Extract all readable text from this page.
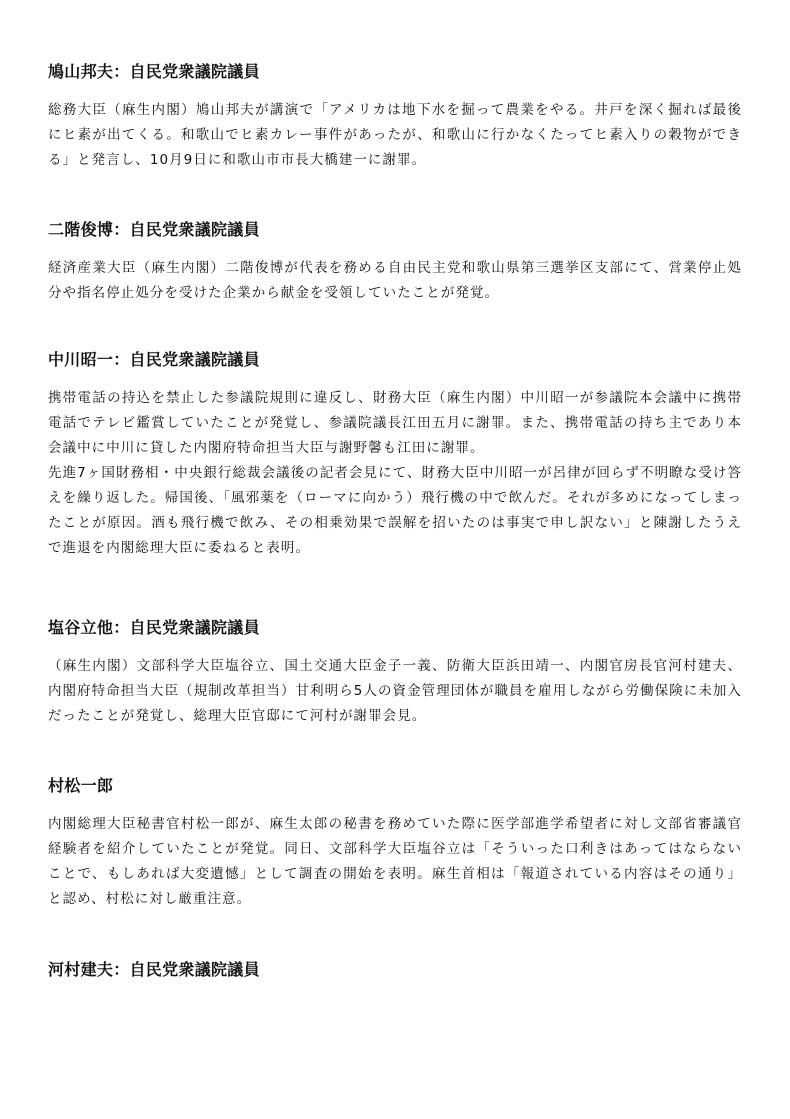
鳩山邦夫：自民党衆議院議員

総務大臣（麻生内閣）鳩山邦夫が講演で「アメリカは地下水を掘って農業をやる。井戸を深く掘れば最後にヒ素が出てくる。和歌山でヒ素カレー事件があったが、和歌山に行かなくたってヒ素入りの穀物ができる」と発言し、10月9日に和歌山市市長大橋建一に謝罪。

二階俊博：自民党衆議院議員

経済産業大臣（麻生内閣）二階俊博が代表を務める自由民主党和歌山県第三選挙区支部にて、営業停止処分や指名停止処分を受けた企業から献金を受領していたことが発覚。

中川昭一：自民党衆議院議員

携帯電話の持込を禁止した参議院規則に違反し、財務大臣（麻生内閣）中川昭一が参議院本会議中に携帯電話でテレビ鑑賞していたことが発覚し、参議院議長江田五月に謝罪。また、携帯電話の持ち主であり本会議中に中川に貸した内閣府特命担当大臣与謝野馨も江田に謝罪。

先進7ヶ国財務相・中央銀行総裁会議後の記者会見にて、財務大臣中川昭一が呂律が回らず不明瞭な受け答えを繰り返した。帰国後、「風邪薬を（ローマに向かう）飛行機の中で飲んだ。それが多めになってしまったことが原因。酒も飛行機で飲み、その相乗効果で誤解を招いたのは事実で申し訳ない」と陳謝したうえで進退を内閣総理大臣に委ねると表明。

塩谷立他：自民党衆議院議員

（麻生内閣）文部科学大臣塩谷立、国土交通大臣金子一義、防衛大臣浜田靖一、内閣官房長官河村建夫、内閣府特命担当大臣（規制改革担当）甘利明ら5人の資金管理団体が職員を雇用しながら労働保険に未加入だったことが発覚し、総理大臣官邸にて河村が謝罪会見。

村松一郎

内閣総理大臣秘書官村松一郎が、麻生太郎の秘書を務めていた際に医学部進学希望者に対し文部省審議官経験者を紹介していたことが発覚。同日、文部科学大臣塩谷立は「そういった口利きはあってはならないことで、もしあれば大変遺憾」として調査の開始を表明。麻生首相は「報道されている内容はその通り」と認め、村松に対し厳重注意。

河村建夫：自民党衆議院議員
